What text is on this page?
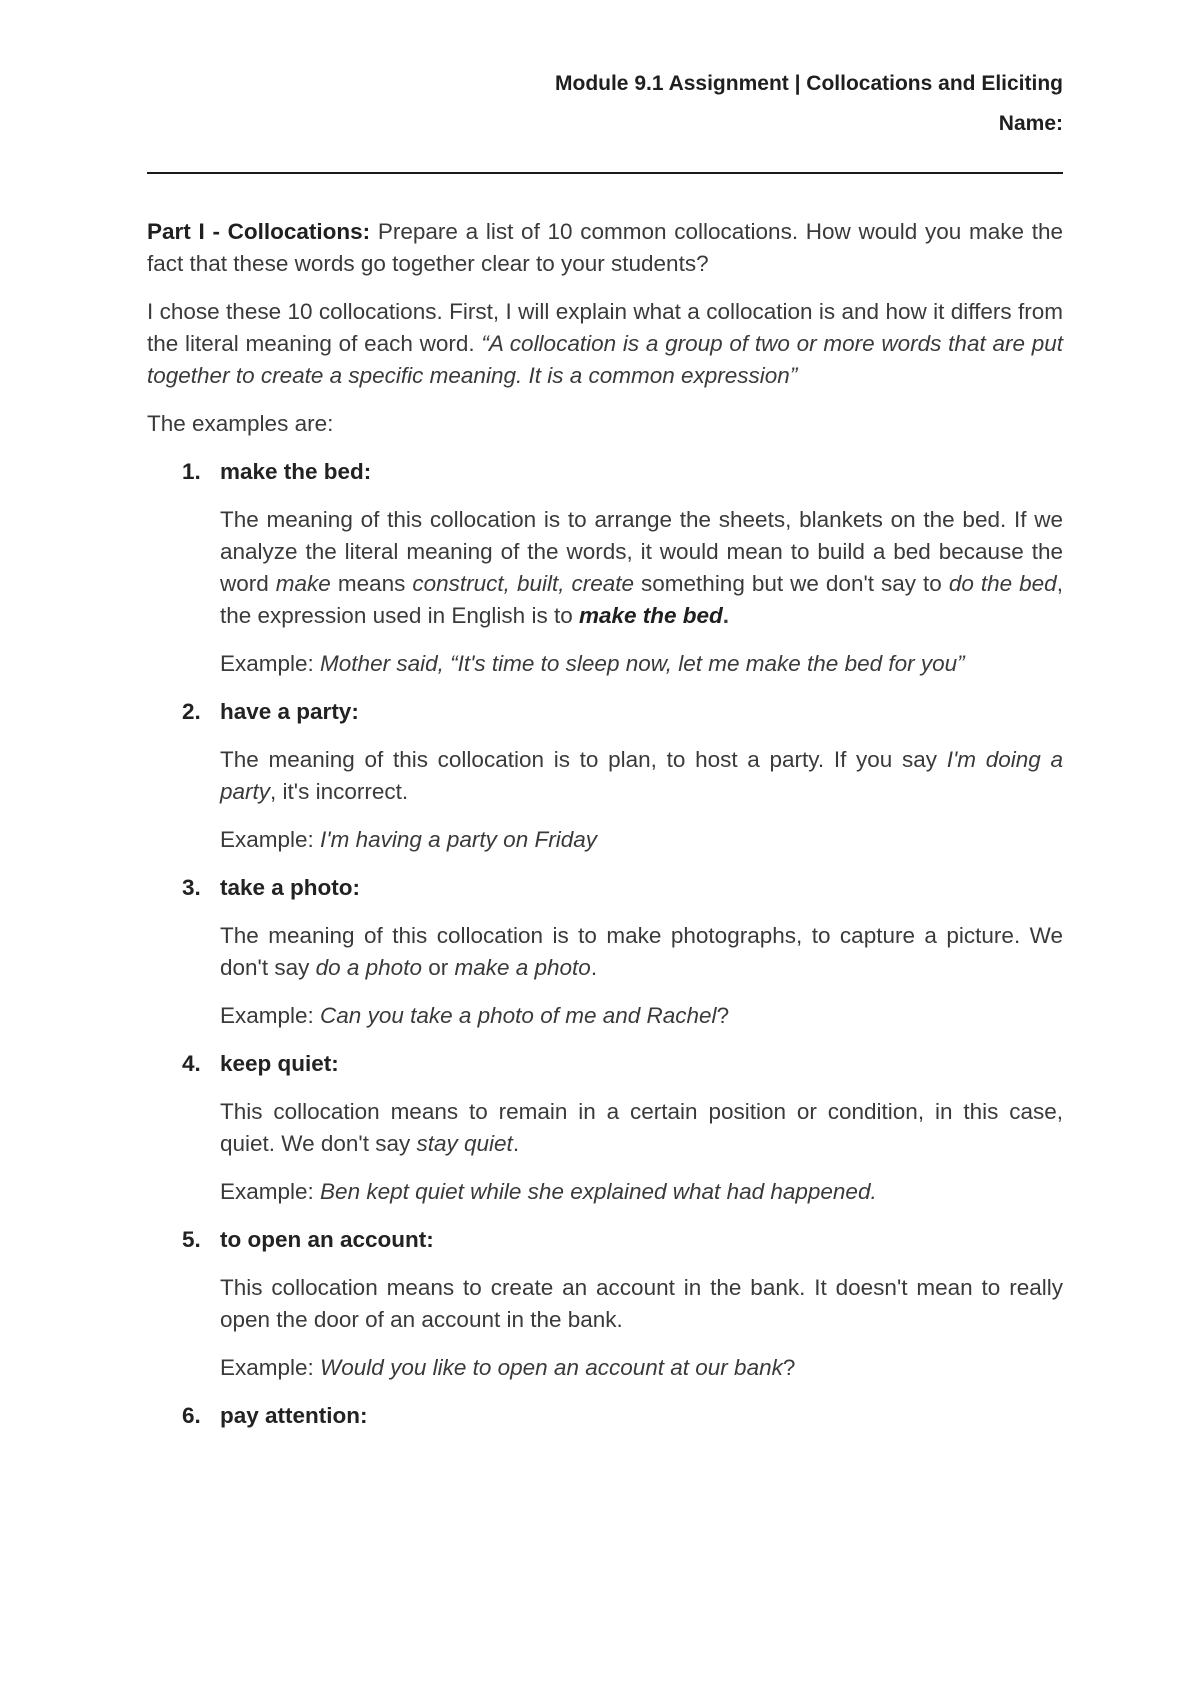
Module 9.1 Assignment | Collocations and Eliciting
Name:

Part I - Collocations: Prepare a list of 10 common collocations. How would you make the fact that these words go together clear to your students?

I chose these 10 collocations. First, I will explain what a collocation is and how it differs from the literal meaning of each word. “A collocation is a group of two or more words that are put together to create a specific meaning. It is a common expression”

The examples are:

1. make the bed:

The meaning of this collocation is to arrange the sheets, blankets on the bed. If we analyze the literal meaning of the words, it would mean to build a bed because the word make means construct, built, create something but we don't say to do the bed, the expression used in English is to make the bed.

Example: Mother said, “It's time to sleep now, let me make the bed for you”

2. have a party:

The meaning of this collocation is to plan, to host a party. If you say I'm doing a party, it's incorrect.

Example: I'm having a party on Friday

3. take a photo:

The meaning of this collocation is to make photographs, to capture a picture. We don't say do a photo or make a photo.

Example: Can you take a photo of me and Rachel?

4. keep quiet:

This collocation means to remain in a certain position or condition, in this case, quiet. We don't say stay quiet.

Example: Ben kept quiet while she explained what had happened.

5. to open an account:

This collocation means to create an account in the bank. It doesn't mean to really open the door of an account in the bank.

Example: Would you like to open an account at our bank?

6. pay attention:
